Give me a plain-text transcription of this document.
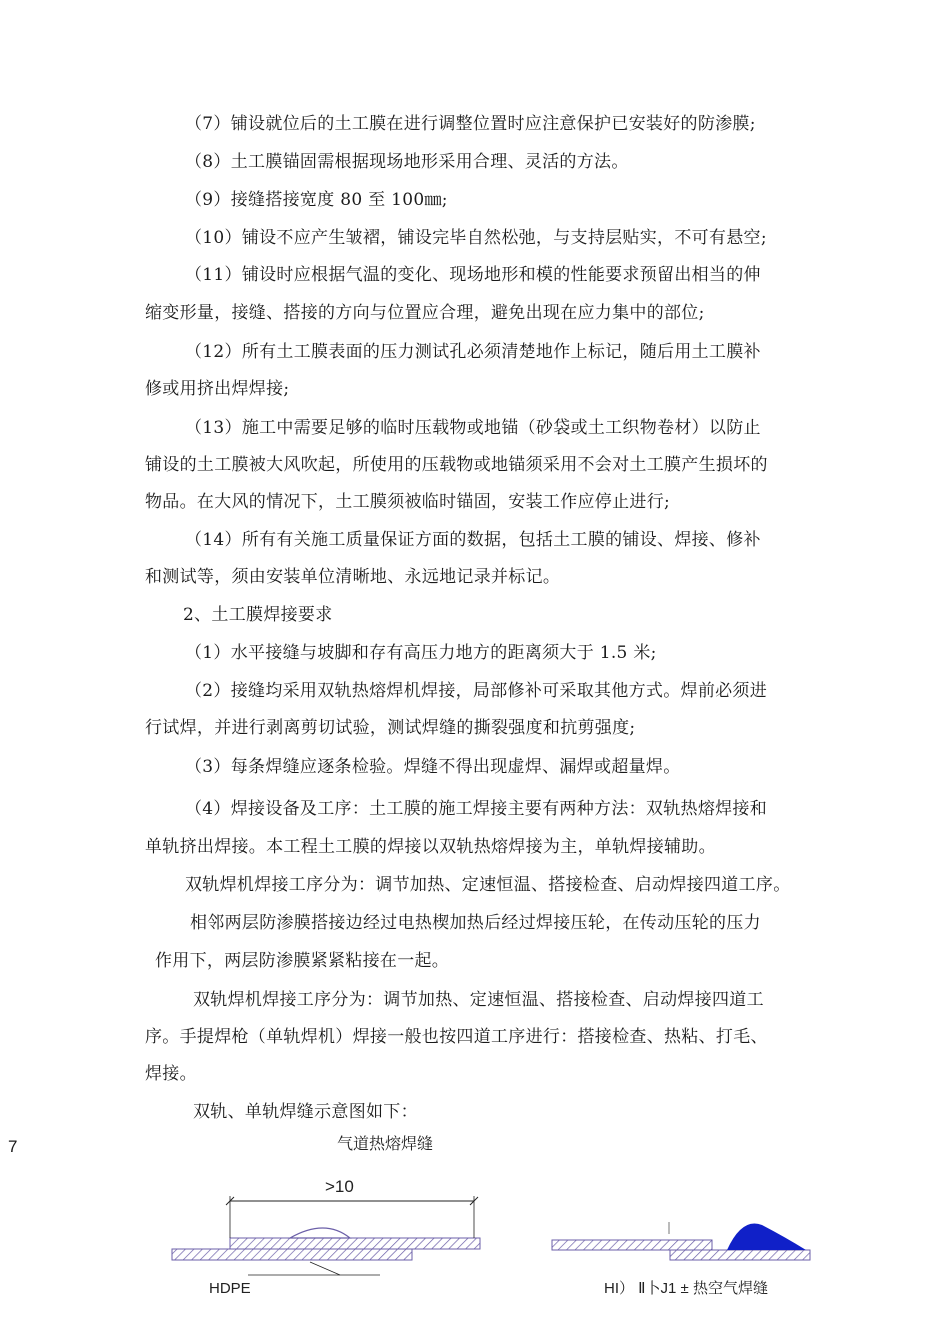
（7）铺设就位后的土工膜在进行调整位置时应注意保护已安装好的防渗膜;
（8）土工膜锚固需根据现场地形采用合理、灵活的方法。
（9）接缝搭接宽度 80 至 100㎜;
（10）铺设不应产生皱褶，铺设完毕自然松弛，与支持层贴实，不可有悬空;
（11）铺设时应根据气温的变化、现场地形和模的性能要求预留出相当的伸
缩变形量，接缝、搭接的方向与位置应合理，避免出现在应力集中的部位;
（12）所有土工膜表面的压力测试孔必须清楚地作上标记，随后用土工膜补
修或用挤出焊焊接;
（13）施工中需要足够的临时压载物或地锚（砂袋或土工织物卷材）以防止
铺设的土工膜被大风吹起，所使用的压载物或地锚须采用不会对土工膜产生损坏的
物品。在大风的情况下，土工膜须被临时锚固，安装工作应停止进行;
（14）所有有关施工质量保证方面的数据，包括土工膜的铺设、焊接、修补
和测试等，须由安装单位清晰地、永远地记录并标记。
2、土工膜焊接要求
（1）水平接缝与坡脚和存有高压力地方的距离须大于 1.5 米;
（2）接缝均采用双轨热熔焊机焊接，局部修补可采取其他方式。焊前必须进
行试焊，并进行剥离剪切试验，测试焊缝的撕裂强度和抗剪强度;
（3）每条焊缝应逐条检验。焊缝不得出现虚焊、漏焊或超量焊。
（4）焊接设备及工序：土工膜的施工焊接主要有两种方法：双轨热熔焊接和
单轨挤出焊接。本工程土工膜的焊接以双轨热熔焊接为主，单轨焊接辅助。
双轨焊机焊接工序分为：调节加热、定速恒温、搭接检查、启动焊接四道工序。
相邻两层防渗膜搭接边经过电热楔加热后经过焊接压轮，在传动压轮的压力
作用下，两层防渗膜紧紧粘接在一起。
双轨焊机焊接工序分为：调节加热、定速恒温、搭接检查、启动焊接四道工
序。手提焊枪（单轨焊机）焊接一般也按四道工序进行：搭接检查、热粘、打毛、
焊接。
双轨、单轨焊缝示意图如下：
7	气道热熔焊缝
>10
HDPE	HI） Ⅱ卜J1 ± 热空气焊缝
